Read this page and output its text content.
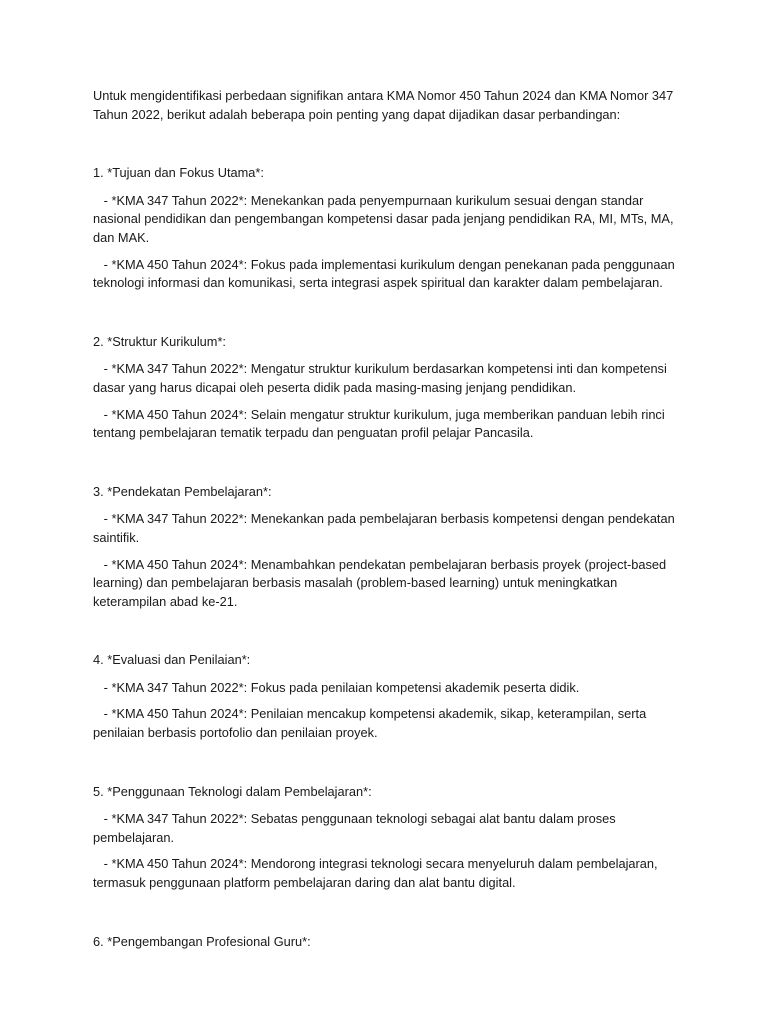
Untuk mengidentifikasi perbedaan signifikan antara KMA Nomor 450 Tahun 2024 dan KMA Nomor 347 Tahun 2022, berikut adalah beberapa poin penting yang dapat dijadikan dasar perbandingan:

1. *Tujuan dan Fokus Utama*:

- *KMA 347 Tahun 2022*: Menekankan pada penyempurnaan kurikulum sesuai dengan standar nasional pendidikan dan pengembangan kompetensi dasar pada jenjang pendidikan RA, MI, MTs, MA, dan MAK.

- *KMA 450 Tahun 2024*: Fokus pada implementasi kurikulum dengan penekanan pada penggunaan teknologi informasi dan komunikasi, serta integrasi aspek spiritual dan karakter dalam pembelajaran.

2. *Struktur Kurikulum*:

- *KMA 347 Tahun 2022*: Mengatur struktur kurikulum berdasarkan kompetensi inti dan kompetensi dasar yang harus dicapai oleh peserta didik pada masing-masing jenjang pendidikan.

- *KMA 450 Tahun 2024*: Selain mengatur struktur kurikulum, juga memberikan panduan lebih rinci tentang pembelajaran tematik terpadu dan penguatan profil pelajar Pancasila.

3. *Pendekatan Pembelajaran*:

- *KMA 347 Tahun 2022*: Menekankan pada pembelajaran berbasis kompetensi dengan pendekatan saintifik.

- *KMA 450 Tahun 2024*: Menambahkan pendekatan pembelajaran berbasis proyek (project-based learning) dan pembelajaran berbasis masalah (problem-based learning) untuk meningkatkan keterampilan abad ke-21.

4. *Evaluasi dan Penilaian*:

- *KMA 347 Tahun 2022*: Fokus pada penilaian kompetensi akademik peserta didik.

- *KMA 450 Tahun 2024*: Penilaian mencakup kompetensi akademik, sikap, keterampilan, serta penilaian berbasis portofolio dan penilaian proyek.

5. *Penggunaan Teknologi dalam Pembelajaran*:

- *KMA 347 Tahun 2022*: Sebatas penggunaan teknologi sebagai alat bantu dalam proses pembelajaran.

- *KMA 450 Tahun 2024*: Mendorong integrasi teknologi secara menyeluruh dalam pembelajaran, termasuk penggunaan platform pembelajaran daring dan alat bantu digital.

6. *Pengembangan Profesional Guru*:
